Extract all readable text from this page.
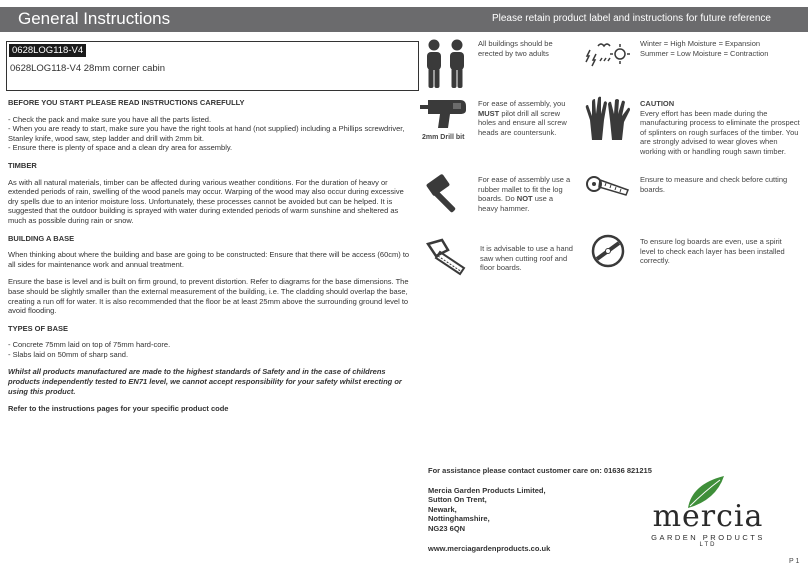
General Instructions	Please retain product label and instructions for future reference
0628LOG118-V4
0628LOG118-V4 28mm corner cabin
BEFORE YOU START PLEASE READ INSTRUCTIONS CAREFULLY

- Check the pack and make sure you have all the parts listed.
- When you are ready to start, make sure you have the right tools at hand (not supplied) including a Phillips screwdriver, Stanley knife, wood saw, step ladder and drill with 2mm bit.
- Ensure there is plenty of space and a clean dry area for assembly.

TIMBER

As with all natural materials, timber can be affected during various weather conditions. For the duration of heavy or extended periods of rain, swelling of the wood panels may occur. Warping of the wood may also occur during excessive dry spells due to an interior moisture loss. Unfortunately, these processes cannot be avoided but can be helped. It is suggested that the outdoor building is sprayed with water during extended periods of warm sunshine and sheltered as much as possible during rain or snow.

BUILDING A BASE

When thinking about where the building and base are going to be constructed: Ensure that there will be access (60cm) to all sides for maintenance work and annual treatment.

Ensure the base is level and is built on firm ground, to prevent distortion. Refer to diagrams for the base dimensions. The base should be slightly smaller than the external measurement of the building, i.e. The cladding should overlap the base, creating a run off for water. It is also recommended that the floor be at least 25mm above the surrounding ground level to avoid flooding.

TYPES OF BASE

- Concrete 75mm laid on top of 75mm hard-core.
- Slabs laid on 50mm of sharp sand.

Whilst all products manufactured are made to the highest standards of Safety and in the case of childrens products independently tested to EN71 level, we cannot accept responsibility for your safety whilst erecting or using this product.

Refer to the instructions pages for your specific product code

All buildings should be erected by two adults
2mm Drill bit
For ease of assembly, you MUST pilot drill all screw holes and ensure all screw heads are countersunk.
For ease of assembly use a rubber mallet to fit the log boards. Do NOT use a heavy hammer.
It is advisable to use a hand saw when cutting roof and floor boards.
Winter = High Moisture = Expansion
Summer = Low Moisture = Contraction
CAUTION
Every effort has been made during the manufacturing process to eliminate the prospect of splinters on rough surfaces of the timber. You are strongly advised to wear gloves when working with or handling rough sawn timber.
Ensure to measure and check before cutting boards.
To ensure log boards are even, use a spirit level to check each layer has been installed correctly.
For assistance please contact customer care on: 01636 821215
Mercia Garden Products Limited,
Sutton On Trent,
Newark,
Nottinghamshire,
NG23 6QN
www.merciagardenproducts.co.uk
mercia
GARDEN PRODUCTS
LTD
P 1
